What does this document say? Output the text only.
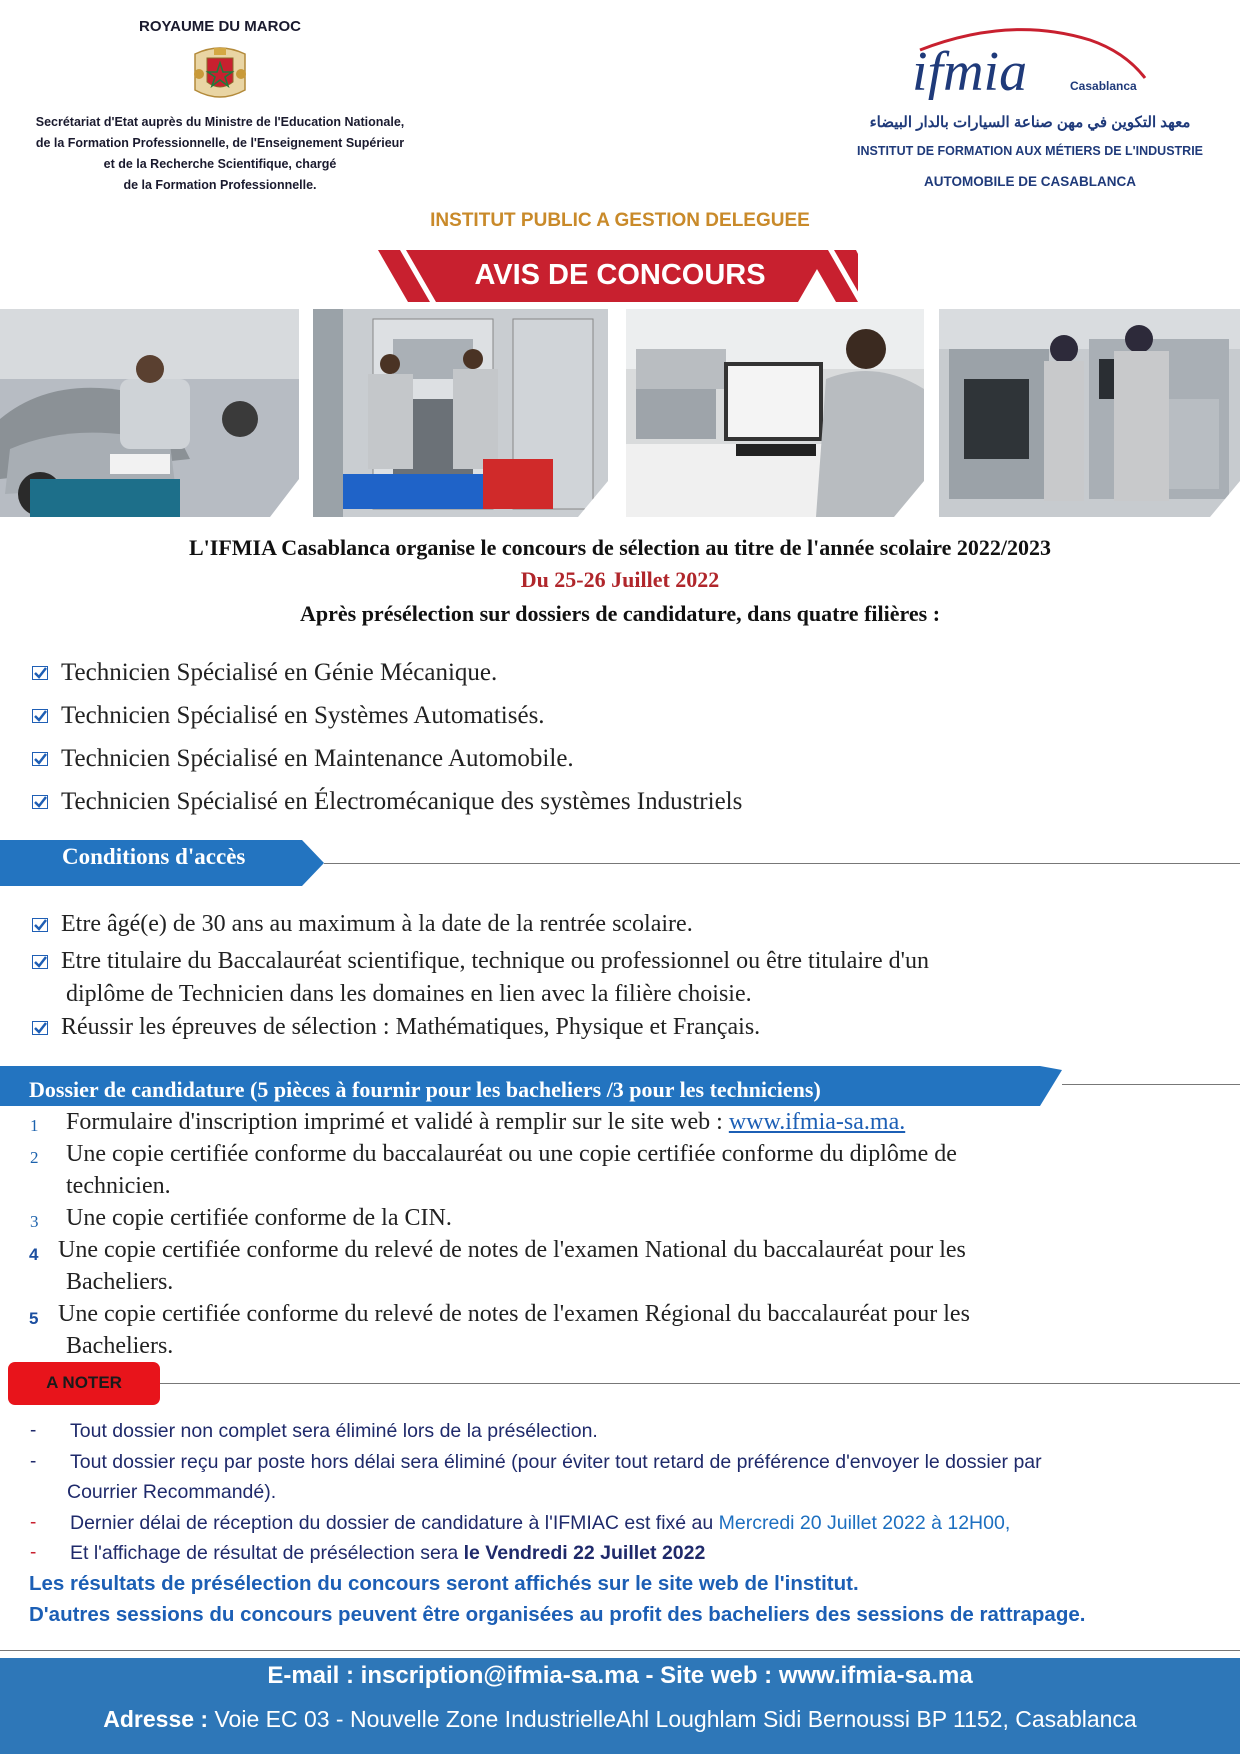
ROYAUME DU MAROC
Secrétariat d'Etat auprès du Ministre de l'Education Nationale,
de la Formation Professionnelle, de l'Enseignement Supérieur
et de la Recherche Scientifique, chargé
de la Formation Professionnelle.
ifmia	Casablanca
معهد التكوين في مهن صناعة السيارات بالدار البيضاء
INSTITUT DE FORMATION AUX MÉTIERS DE L'INDUSTRIE
AUTOMOBILE DE CASABLANCA
INSTITUT PUBLIC A GESTION DELEGUEE
AVIS DE CONCOURS
L'IFMIA Casablanca organise le concours de sélection au titre de l'année scolaire 2022/2023
Du 25-26 Juillet 2022
Après présélection sur dossiers de candidature, dans quatre filières :
Technicien Spécialisé en Génie Mécanique.
Technicien Spécialisé en Systèmes Automatisés.
Technicien Spécialisé en Maintenance Automobile.
Technicien Spécialisé en Électromécanique des systèmes Industriels
Conditions d'accès
Etre âgé(e) de 30 ans au maximum à la date de la rentrée scolaire.
Etre titulaire du Baccalauréat scientifique, technique ou professionnel ou être titulaire d'un
diplôme de Technicien dans les domaines en lien avec la filière choisie.
Réussir les épreuves de sélection : Mathématiques, Physique et Français.
Dossier de candidature (5 pièces à fournir pour les bacheliers /3 pour les techniciens)
1 Formulaire d'inscription imprimé et validé à remplir sur le site web : www.ifmia-sa.ma.
2 Une copie certifiée conforme du baccalauréat ou une copie certifiée conforme du diplôme de
technicien.
3 Une copie certifiée conforme de la CIN.
4 Une copie certifiée conforme du relevé de notes de l'examen National du baccalauréat pour les
Bacheliers.
5 Une copie certifiée conforme du relevé de notes de l'examen Régional du baccalauréat pour les
Bacheliers.
A NOTER
- Tout dossier non complet sera éliminé lors de la présélection.
- Tout dossier reçu par poste hors délai sera éliminé (pour éviter tout retard de préférence d'envoyer le dossier par
Courrier Recommandé).
- Dernier délai de réception du dossier de candidature à l'IFMIAC est fixé au Mercredi 20 Juillet 2022 à 12H00,
- Et l'affichage de résultat de présélection sera le Vendredi 22 Juillet 2022
Les résultats de présélection du concours seront affichés sur le site web de l'institut.
D'autres sessions du concours peuvent être organisées au profit des bacheliers des sessions de rattrapage.
E-mail : inscription@ifmia-sa.ma - Site web : www.ifmia-sa.ma
Adresse : Voie EC 03 - Nouvelle Zone IndustrielleAhl Loughlam Sidi Bernoussi BP 1152, Casablanca
